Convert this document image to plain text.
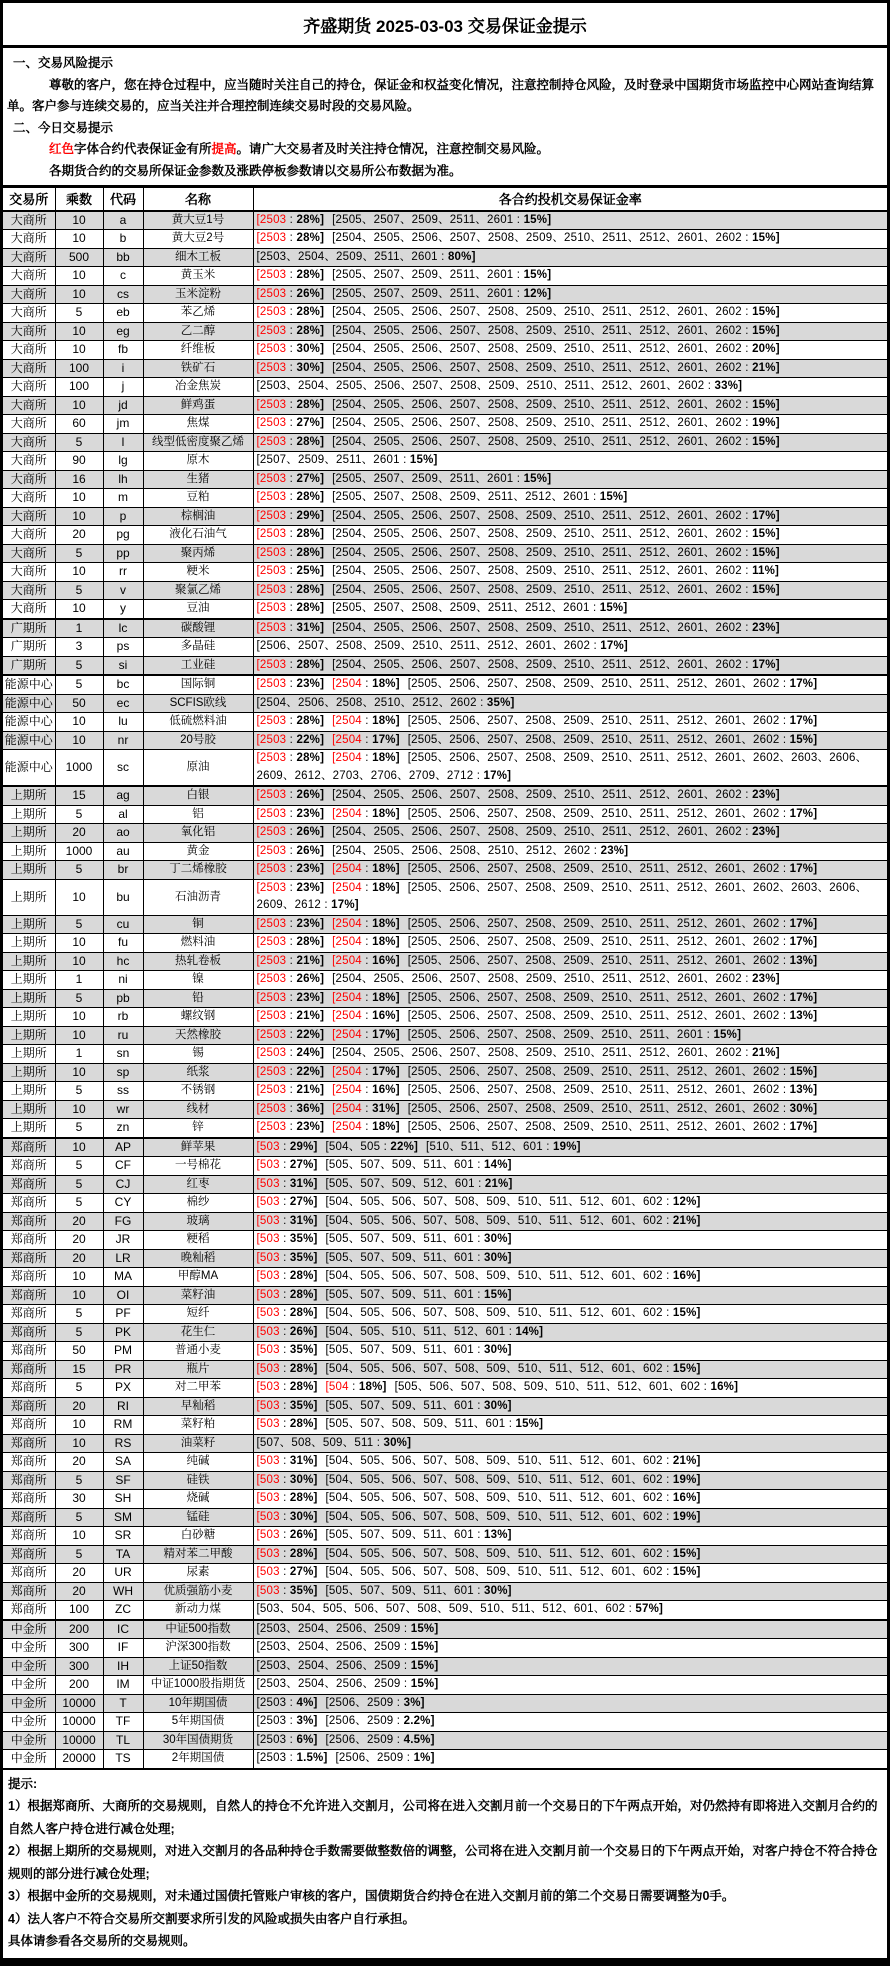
齐盛期货 2025-03-03 交易保证金提示
一、交易风险提示
尊敬的客户，您在持仓过程中，应当随时关注自己的持仓，保证金和权益变化情况，注意控制持仓风险，及时登录中国期货市场监控中心网站查询结算单。客户参与连续交易的，应当关注并合理控制连续交易时段的交易风险。
二、今日交易提示
红色字体合约代表保证金有所提高。请广大交易者及时关注持仓情况，注意控制交易风险。
各期货合约的交易所保证金参数及涨跌停板参数请以交易所公布数据为准。
交易所	乘数	代码	名称	各合约投机交易保证金率
大商所	10	a	黄大豆1号	[2503 : 28%] [2505、​2507、​2509、​2511、​2601 : 15%]
大商所	10	b	黄大豆2号	[2503 : 28%] [2504、​2505、​2506、​2507、​2508、​2509、​2510、​2511、​2512、​2601、​2602 : 15%]
大商所	500	bb	细木工板	[2503、​2504、​2509、​2511、​2601 : 80%]
大商所	10	c	黄玉米	[2503 : 28%] [2505、​2507、​2509、​2511、​2601 : 15%]
大商所	10	cs	玉米淀粉	[2503 : 26%] [2505、​2507、​2509、​2511、​2601 : 12%]
大商所	5	eb	苯乙烯	[2503 : 28%] [2504、​2505、​2506、​2507、​2508、​2509、​2510、​2511、​2512、​2601、​2602 : 15%]
大商所	10	eg	乙二醇	[2503 : 28%] [2504、​2505、​2506、​2507、​2508、​2509、​2510、​2511、​2512、​2601、​2602 : 15%]
大商所	10	fb	纤维板	[2503 : 30%] [2504、​2505、​2506、​2507、​2508、​2509、​2510、​2511、​2512、​2601、​2602 : 20%]
大商所	100	i	铁矿石	[2503 : 30%] [2504、​2505、​2506、​2507、​2508、​2509、​2510、​2511、​2512、​2601、​2602 : 21%]
大商所	100	j	冶金焦炭	[2503、​2504、​2505、​2506、​2507、​2508、​2509、​2510、​2511、​2512、​2601、​2602 : 33%]
大商所	10	jd	鲜鸡蛋	[2503 : 28%] [2504、​2505、​2506、​2507、​2508、​2509、​2510、​2511、​2512、​2601、​2602 : 15%]
大商所	60	jm	焦煤	[2503 : 27%] [2504、​2505、​2506、​2507、​2508、​2509、​2510、​2511、​2512、​2601、​2602 : 19%]
大商所	5	l	线型低密度聚乙烯	[2503 : 28%] [2504、​2505、​2506、​2507、​2508、​2509、​2510、​2511、​2512、​2601、​2602 : 15%]
大商所	90	lg	原木	[2507、​2509、​2511、​2601 : 15%]
大商所	16	lh	生猪	[2503 : 27%] [2505、​2507、​2509、​2511、​2601 : 15%]
大商所	10	m	豆粕	[2503 : 28%] [2505、​2507、​2508、​2509、​2511、​2512、​2601 : 15%]
大商所	10	p	棕榈油	[2503 : 29%] [2504、​2505、​2506、​2507、​2508、​2509、​2510、​2511、​2512、​2601、​2602 : 17%]
大商所	20	pg	液化石油气	[2503 : 28%] [2504、​2505、​2506、​2507、​2508、​2509、​2510、​2511、​2512、​2601、​2602 : 15%]
大商所	5	pp	聚丙烯	[2503 : 28%] [2504、​2505、​2506、​2507、​2508、​2509、​2510、​2511、​2512、​2601、​2602 : 15%]
大商所	10	rr	粳米	[2503 : 25%] [2504、​2505、​2506、​2507、​2508、​2509、​2510、​2511、​2512、​2601、​2602 : 11%]
大商所	5	v	聚氯乙烯	[2503 : 28%] [2504、​2505、​2506、​2507、​2508、​2509、​2510、​2511、​2512、​2601、​2602 : 15%]
大商所	10	y	豆油	[2503 : 28%] [2505、​2507、​2508、​2509、​2511、​2512、​2601 : 15%]
广期所	1	lc	碳酸锂	[2503 : 31%] [2504、​2505、​2506、​2507、​2508、​2509、​2510、​2511、​2512、​2601、​2602 : 23%]
广期所	3	ps	多晶硅	[2506、​2507、​2508、​2509、​2510、​2511、​2512、​2601、​2602 : 17%]
广期所	5	si	工业硅	[2503 : 28%] [2504、​2505、​2506、​2507、​2508、​2509、​2510、​2511、​2512、​2601、​2602 : 17%]
能源中心	5	bc	国际铜	[2503 : 23%] [2504 : 18%] [2505、​2506、​2507、​2508、​2509、​2510、​2511、​2512、​2601、​2602 : 17%]
能源中心	50	ec	SCFIS欧线	[2504、​2506、​2508、​2510、​2512、​2602 : 35%]
能源中心	10	lu	低硫燃料油	[2503 : 28%] [2504 : 18%] [2505、​2506、​2507、​2508、​2509、​2510、​2511、​2512、​2601、​2602 : 17%]
能源中心	10	nr	20号胶	[2503 : 22%] [2504 : 17%] [2505、​2506、​2507、​2508、​2509、​2510、​2511、​2512、​2601、​2602 : 15%]
能源中心	1000	sc	原油	[2503 : 28%] [2504 : 18%] [2505、​2506、​2507、​2508、​2509、​2510、​2511、​2512、​2601、​2602、​2603、​2606、​2609、​2612、​2703、​2706、​2709、​2712 : 17%]
上期所	15	ag	白银	[2503 : 26%] [2504、​2505、​2506、​2507、​2508、​2509、​2510、​2511、​2512、​2601、​2602 : 23%]
上期所	5	al	铝	[2503 : 23%] [2504 : 18%] [2505、​2506、​2507、​2508、​2509、​2510、​2511、​2512、​2601、​2602 : 17%]
上期所	20	ao	氧化铝	[2503 : 26%] [2504、​2505、​2506、​2507、​2508、​2509、​2510、​2511、​2512、​2601、​2602 : 23%]
上期所	1000	au	黄金	[2503 : 26%] [2504、​2505、​2506、​2508、​2510、​2512、​2602 : 23%]
上期所	5	br	丁二烯橡胶	[2503 : 23%] [2504 : 18%] [2505、​2506、​2507、​2508、​2509、​2510、​2511、​2512、​2601、​2602 : 17%]
上期所	10	bu	石油沥青	[2503 : 23%] [2504 : 18%] [2505、​2506、​2507、​2508、​2509、​2510、​2511、​2512、​2601、​2602、​2603、​2606、​2609、​2612 : 17%]
上期所	5	cu	铜	[2503 : 23%] [2504 : 18%] [2505、​2506、​2507、​2508、​2509、​2510、​2511、​2512、​2601、​2602 : 17%]
上期所	10	fu	燃料油	[2503 : 28%] [2504 : 18%] [2505、​2506、​2507、​2508、​2509、​2510、​2511、​2512、​2601、​2602 : 17%]
上期所	10	hc	热轧卷板	[2503 : 21%] [2504 : 16%] [2505、​2506、​2507、​2508、​2509、​2510、​2511、​2512、​2601、​2602 : 13%]
上期所	1	ni	镍	[2503 : 26%] [2504、​2505、​2506、​2507、​2508、​2509、​2510、​2511、​2512、​2601、​2602 : 23%]
上期所	5	pb	铅	[2503 : 23%] [2504 : 18%] [2505、​2506、​2507、​2508、​2509、​2510、​2511、​2512、​2601、​2602 : 17%]
上期所	10	rb	螺纹钢	[2503 : 21%] [2504 : 16%] [2505、​2506、​2507、​2508、​2509、​2510、​2511、​2512、​2601、​2602 : 13%]
上期所	10	ru	天然橡胶	[2503 : 22%] [2504 : 17%] [2505、​2506、​2507、​2508、​2509、​2510、​2511、​2601 : 15%]
上期所	1	sn	锡	[2503 : 24%] [2504、​2505、​2506、​2507、​2508、​2509、​2510、​2511、​2512、​2601、​2602 : 21%]
上期所	10	sp	纸浆	[2503 : 22%] [2504 : 17%] [2505、​2506、​2507、​2508、​2509、​2510、​2511、​2512、​2601、​2602 : 15%]
上期所	5	ss	不锈钢	[2503 : 21%] [2504 : 16%] [2505、​2506、​2507、​2508、​2509、​2510、​2511、​2512、​2601、​2602 : 13%]
上期所	10	wr	线材	[2503 : 36%] [2504 : 31%] [2505、​2506、​2507、​2508、​2509、​2510、​2511、​2512、​2601、​2602 : 30%]
上期所	5	zn	锌	[2503 : 23%] [2504 : 18%] [2505、​2506、​2507、​2508、​2509、​2510、​2511、​2512、​2601、​2602 : 17%]
郑商所	10	AP	鲜苹果	[503 : 29%] [504、​505 : 22%] [510、​511、​512、​601 : 19%]
郑商所	5	CF	一号棉花	[503 : 27%] [505、​507、​509、​511、​601 : 14%]
郑商所	5	CJ	红枣	[503 : 31%] [505、​507、​509、​512、​601 : 21%]
郑商所	5	CY	棉纱	[503 : 27%] [504、​505、​506、​507、​508、​509、​510、​511、​512、​601、​602 : 12%]
郑商所	20	FG	玻璃	[503 : 31%] [504、​505、​506、​507、​508、​509、​510、​511、​512、​601、​602 : 21%]
郑商所	20	JR	粳稻	[503 : 35%] [505、​507、​509、​511、​601 : 30%]
郑商所	20	LR	晚籼稻	[503 : 35%] [505、​507、​509、​511、​601 : 30%]
郑商所	10	MA	甲醇MA	[503 : 28%] [504、​505、​506、​507、​508、​509、​510、​511、​512、​601、​602 : 16%]
郑商所	10	OI	菜籽油	[503 : 28%] [505、​507、​509、​511、​601 : 15%]
郑商所	5	PF	短纤	[503 : 28%] [504、​505、​506、​507、​508、​509、​510、​511、​512、​601、​602 : 15%]
郑商所	5	PK	花生仁	[503 : 26%] [504、​505、​510、​511、​512、​601 : 14%]
郑商所	50	PM	普通小麦	[503 : 35%] [505、​507、​509、​511、​601 : 30%]
郑商所	15	PR	瓶片	[503 : 28%] [504、​505、​506、​507、​508、​509、​510、​511、​512、​601、​602 : 15%]
郑商所	5	PX	对二甲苯	[503 : 28%] [504 : 18%] [505、​506、​507、​508、​509、​510、​511、​512、​601、​602 : 16%]
郑商所	20	RI	早籼稻	[503 : 35%] [505、​507、​509、​511、​601 : 30%]
郑商所	10	RM	菜籽粕	[503 : 28%] [505、​507、​508、​509、​511、​601 : 15%]
郑商所	10	RS	油菜籽	[507、​508、​509、​511 : 30%]
郑商所	20	SA	纯碱	[503 : 31%] [504、​505、​506、​507、​508、​509、​510、​511、​512、​601、​602 : 21%]
郑商所	5	SF	硅铁	[503 : 30%] [504、​505、​506、​507、​508、​509、​510、​511、​512、​601、​602 : 19%]
郑商所	30	SH	烧碱	[503 : 28%] [504、​505、​506、​507、​508、​509、​510、​511、​512、​601、​602 : 16%]
郑商所	5	SM	锰硅	[503 : 30%] [504、​505、​506、​507、​508、​509、​510、​511、​512、​601、​602 : 19%]
郑商所	10	SR	白砂糖	[503 : 26%] [505、​507、​509、​511、​601 : 13%]
郑商所	5	TA	精对苯二甲酸	[503 : 28%] [504、​505、​506、​507、​508、​509、​510、​511、​512、​601、​602 : 15%]
郑商所	20	UR	尿素	[503 : 27%] [504、​505、​506、​507、​508、​509、​510、​511、​512、​601、​602 : 15%]
郑商所	20	WH	优质强筋小麦	[503 : 35%] [505、​507、​509、​511、​601 : 30%]
郑商所	100	ZC	新动力煤	[503、​504、​505、​506、​507、​508、​509、​510、​511、​512、​601、​602 : 57%]
中金所	200	IC	中证500指数	[2503、​2504、​2506、​2509 : 15%]
中金所	300	IF	沪深300指数	[2503、​2504、​2506、​2509 : 15%]
中金所	300	IH	上证50指数	[2503、​2504、​2506、​2509 : 15%]
中金所	200	IM	中证1000股指期货	[2503、​2504、​2506、​2509 : 15%]
中金所	10000	T	10年期国债	[2503 : 4%] [2506、​2509 : 3%]
中金所	10000	TF	5年期国债	[2503 : 3%] [2506、​2509 : 2.2%]
中金所	10000	TL	30年国债期货	[2503 : 6%] [2506、​2509 : 4.5%]
中金所	20000	TS	2年期国债	[2503 : 1.5%] [2506、​2509 : 1%]
提示:
1）根据郑商所、大商所的交易规则，自然人的持仓不允许进入交割月，公司将在进入交割月前一个交易日的下午两点开始，对仍然持有即将进入交割月合约的自然人客户持仓进行减仓处理;
2）根据上期所的交易规则，对进入交割月的各品种持仓手数需要做整数倍的调整，公司将在进入交割月前一个交易日的下午两点开始，对客户持仓不符合持仓规则的部分进行减仓处理;
3）根据中金所的交易规则，对未通过国债托管账户审核的客户，国债期货合约持仓在进入交割月前的第二个交易日需要调整为0手。
4）法人客户不符合交易所交割要求所引发的风险或损失由客户自行承担。
具体请参看各交易所的交易规则。
